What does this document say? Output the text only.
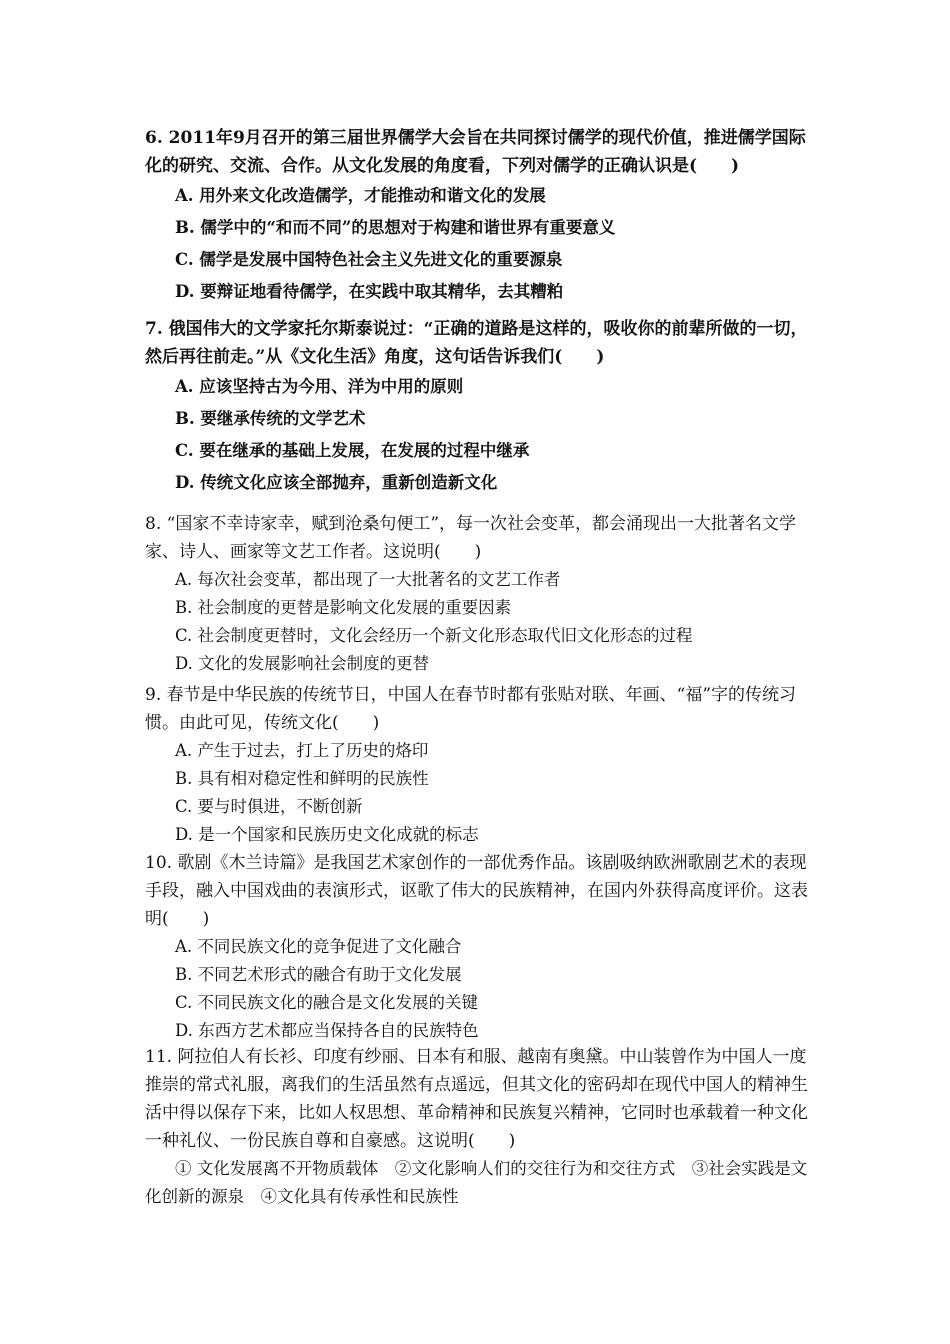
6. 2011年9月召开的第三届世界儒学大会旨在共同探讨儒学的现代价值，推进儒学国际化的研究、交流、合作。从文化发展的角度看，下列对儒学的正确认识是(　　)

A. 用外来文化改造儒学，才能推动和谐文化的发展

B. 儒学中的“和而不同”的思想对于构建和谐世界有重要意义

C. 儒学是发展中国特色社会主义先进文化的重要源泉

D. 要辩证地看待儒学，在实践中取其精华，去其糟粕

7. 俄国伟大的文学家托尔斯泰说过：“正确的道路是这样的，吸收你的前辈所做的一切，然后再往前走。”从《文化生活》角度，这句话告诉我们(　　)

A. 应该坚持古为今用、洋为中用的原则

B. 要继承传统的文学艺术

C. 要在继承的基础上发展，在发展的过程中继承

D. 传统文化应该全部抛弃，重新创造新文化

8. “国家不幸诗家幸，赋到沧桑句便工”，每一次社会变革，都会涌现出一大批著名文学家、诗人、画家等文艺工作者。这说明(　　)

A. 每次社会变革，都出现了一大批著名的文艺工作者

B. 社会制度的更替是影响文化发展的重要因素

C. 社会制度更替时，文化会经历一个新文化形态取代旧文化形态的过程

D. 文化的发展影响社会制度的更替

9. 春节是中华民族的传统节日，中国人在春节时都有张贴对联、年画、“福”字的传统习惯。由此可见，传统文化(　　)

A. 产生于过去，打上了历史的烙印

B. 具有相对稳定性和鲜明的民族性

C. 要与时俱进，不断创新

D. 是一个国家和民族历史文化成就的标志

10. 歌剧《木兰诗篇》是我国艺术家创作的一部优秀作品。该剧吸纳欧洲歌剧艺术的表现手段，融入中国戏曲的表演形式，讴歌了伟大的民族精神，在国内外获得高度评价。这表明(　　)

A. 不同民族文化的竞争促进了文化融合

B. 不同艺术形式的融合有助于文化发展

C. 不同民族文化的融合是文化发展的关键

D. 东西方艺术都应当保持各自的民族特色

11. 阿拉伯人有长衫、印度有纱丽、日本有和服、越南有奥黛。中山装曾作为中国人一度推崇的常式礼服，离我们的生活虽然有点遥远，但其文化的密码却在现代中国人的精神生活中得以保存下来，比如人权思想、革命精神和民族复兴精神，它同时也承载着一种文化一种礼仪、一份民族自尊和自豪感。这说明(　　)

① 文化发展离不开物质载体　②文化影响人们的交往行为和交往方式　③社会实践是文化创新的源泉　④文化具有传承性和民族性
